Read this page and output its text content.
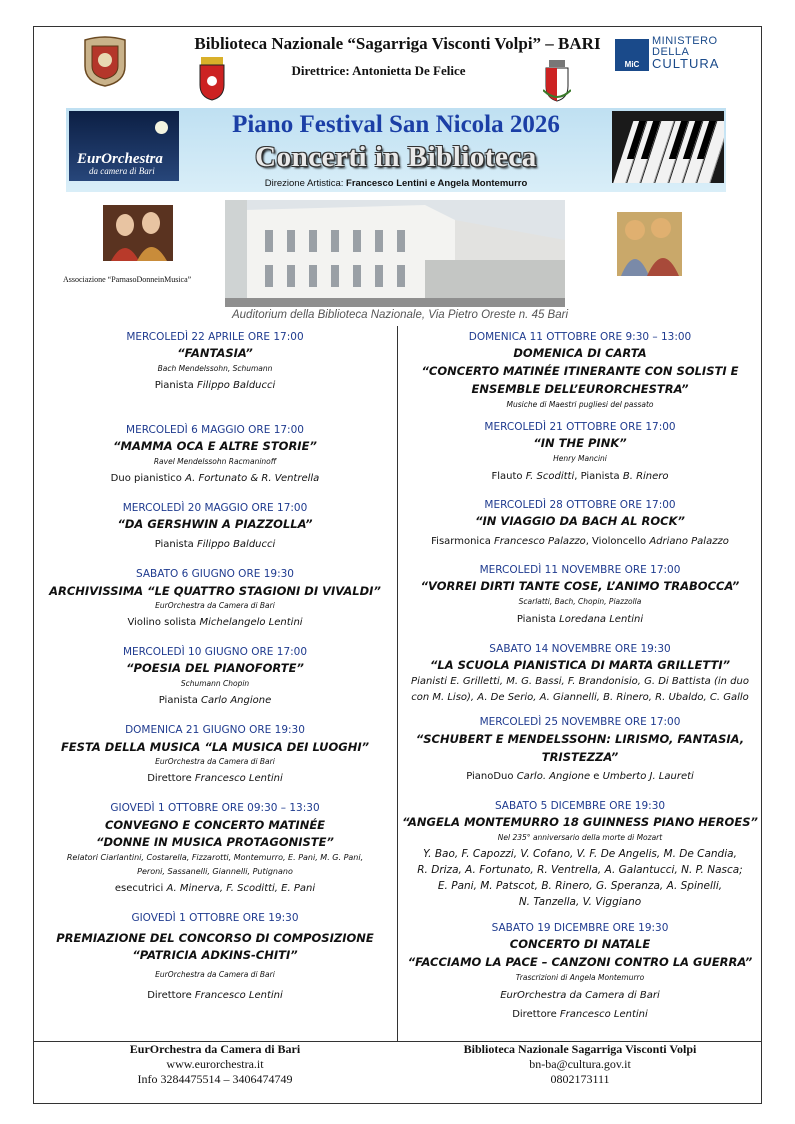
Biblioteca Nazionale “Sagarriga Visconti Volpi” – BARI
Direttrice: Antonietta De Felice	MiC
MINISTERO
DELLA
CULTURA
EurOrchestra
da camera di Bari
Piano Festival San Nicola 2026
Concerti in Biblioteca
Direzione Artistica: Francesco Lentini e Angela Montemurro
Associazione “ParnasoDonneinMusica”
Auditorium della Biblioteca Nazionale, Via Pietro Oreste n. 45 Bari
MERCOLEDÌ 22 APRILE ORE 17:00
“FANTASIA”
Bach Mendelssohn, Schumann
Pianista Filippo Balducci
MERCOLEDÌ 6 MAGGIO ORE 17:00
“MAMMA OCA E ALTRE STORIE”
Ravel Mendelssohn Racmaninoff
Duo pianistico A. Fortunato & R. Ventrella
MERCOLEDÌ 20 MAGGIO ORE 17:00
“DA GERSHWIN A PIAZZOLLA”
Pianista Filippo Balducci
SABATO 6 GIUGNO ORE 19:30
ARCHIVISSIMA “LE QUATTRO STAGIONI DI VIVALDI”
EurOrchestra da Camera di Bari
Violino solista Michelangelo Lentini
MERCOLEDÌ 10 GIUGNO ORE 17:00
“POESIA DEL PIANOFORTE”
Schumann Chopin
Pianista Carlo Angione
DOMENICA 21 GIUGNO ORE 19:30
FESTA DELLA MUSICA “LA MUSICA DEI LUOGHI”
EurOrchestra da Camera di Bari
Direttore Francesco Lentini
GIOVEDÌ 1 OTTOBRE ORE 09:30 – 13:30
CONVEGNO E CONCERTO MATINÉE
“DONNE IN MUSICA PROTAGONISTE”
Relatori Ciarlantini, Costarella, Fizzarotti, Montemurro, E. Pani, M. G. Pani,
Peroni, Sassanelli, Giannelli, Putignano
esecutrici A. Minerva, F. Scoditti, E. Pani
GIOVEDÌ 1 OTTOBRE ORE 19:30
PREMIAZIONE DEL CONCORSO DI COMPOSIZIONE
“PATRICIA ADKINS-CHITI”
EurOrchestra da Camera di Bari
Direttore Francesco Lentini
DOMENICA 11 OTTOBRE ORE 9:30 – 13:00
DOMENICA DI CARTA
“CONCERTO MATINÉE ITINERANTE CON SOLISTI E
ENSEMBLE DELL’EURORCHESTRA”
Musiche di Maestri pugliesi del passato
MERCOLEDÌ 21 OTTOBRE ORE 17:00
“IN THE PINK”
Henry Mancini
Flauto F. Scoditti, Pianista B. Rinero
MERCOLEDÌ 28 OTTOBRE ORE 17:00
“IN VIAGGIO DA BACH AL ROCK”
Fisarmonica Francesco Palazzo, Violoncello Adriano Palazzo
MERCOLEDÌ 11 NOVEMBRE ORE 17:00
“VORREI DIRTI TANTE COSE, L’ANIMO TRABOCCA”
Scarlatti, Bach, Chopin, Piazzolla
Pianista Loredana Lentini
SABATO 14 NOVEMBRE ORE 19:30
“LA SCUOLA PIANISTICA DI MARTA GRILLETTI”
Pianisti E. Grilletti, M. G. Bassi, F. Brandonisio, G. Di Battista (in duo
con M. Liso), A. De Serio, A. Giannelli, B. Rinero, R. Ubaldo, C. Gallo
MERCOLEDÌ 25 NOVEMBRE ORE 17:00
“SCHUBERT E MENDELSSOHN: LIRISMO, FANTASIA,
TRISTEZZA”
PianoDuo Carlo. Angione e Umberto J. Laureti
SABATO 5 DICEMBRE ORE 19:30
“ANGELA MONTEMURRO 18 GUINNESS PIANO HEROES”
Nel 235° anniversario della morte di Mozart
Y. Bao, F. Capozzi, V. Cofano, V. F. De Angelis, M. De Candia,
R. Driza, A. Fortunato, R. Ventrella, A. Galantucci, N. P. Nasca;
E. Pani, M. Patscot, B. Rinero, G. Speranza, A. Spinelli,
N. Tanzella, V. Viggiano
SABATO 19 DICEMBRE ORE 19:30
CONCERTO DI NATALE
“FACCIAMO LA PACE – CANZONI CONTRO LA GUERRA”
Trascrizioni di Angela Montemurro
EurOrchestra da Camera di Bari
Direttore Francesco Lentini
EurOrchestra da Camera di Bari
www.eurorchestra.it
Info 3284475514 – 3406474749
Biblioteca Nazionale Sagarriga Visconti Volpi
bn-ba@cultura.gov.it
0802173111
